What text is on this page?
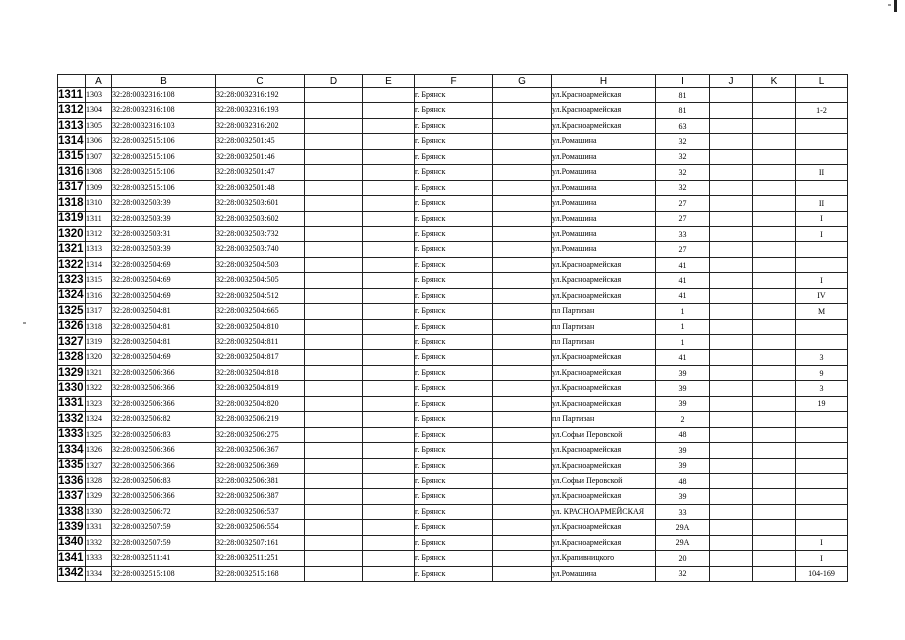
	A	B	C	D	E	F	G	H	I	J	K	L
1311	1303	32:28:0032316:108	32:28:0032316:192			г. Брянск		ул.Красноармейская	81			
1312	1304	32:28:0032316:108	32:28:0032316:193			г. Брянск		ул.Красноармейская	81			1-2
1313	1305	32:28:0032316:103	32:28:0032316:202			г. Брянск		ул.Красноармейская	63			
1314	1306	32:28:0032515:106	32:28:0032501:45			г. Брянск		ул.Ромашина	32			
1315	1307	32:28:0032515:106	32:28:0032501:46			г. Брянск		ул.Ромашина	32			
1316	1308	32:28:0032515:106	32:28:0032501:47			г. Брянск		ул.Ромашина	32			II
1317	1309	32:28:0032515:106	32:28:0032501:48			г. Брянск		ул.Ромашина	32			
1318	1310	32:28:0032503:39	32:28:0032503:601			г. Брянск		ул.Ромашина	27			II
1319	1311	32:28:0032503:39	32:28:0032503:602			г. Брянск		ул.Ромашина	27			I
1320	1312	32:28:0032503:31	32:28:0032503:732			г. Брянск		ул.Ромашина	33			I
1321	1313	32:28:0032503:39	32:28:0032503:740			г. Брянск		ул.Ромашина	27			
1322	1314	32:28:0032504:69	32:28:0032504:503			г. Брянск		ул.Красноармейская	41			
1323	1315	32:28:0032504:69	32:28:0032504:505			г. Брянск		ул.Красноармейская	41			I
1324	1316	32:28:0032504:69	32:28:0032504:512			г. Брянск		ул.Красноармейская	41			IV
1325	1317	32:28:0032504:81	32:28:0032504:665			г. Брянск		пл Партизан	1			М
1326	1318	32:28:0032504:81	32:28:0032504:810			г. Брянск		пл Партизан	1			
1327	1319	32:28:0032504:81	32:28:0032504:811			г. Брянск		пл Партизан	1			
1328	1320	32:28:0032504:69	32:28:0032504:817			г. Брянск		ул.Красноармейская	41			3
1329	1321	32:28:0032506:366	32:28:0032504:818			г. Брянск		ул.Красноармейская	39			9
1330	1322	32:28:0032506:366	32:28:0032504:819			г. Брянск		ул.Красноармейская	39			3
1331	1323	32:28:0032506:366	32:28:0032504:820			г. Брянск		ул.Красноармейская	39			19
1332	1324	32:28:0032506:82	32:28:0032506:219			г. Брянск		пл Партизан	2			
1333	1325	32:28:0032506:83	32:28:0032506:275			г. Брянск		ул.Софьи Перовской	48			
1334	1326	32:28:0032506:366	32:28:0032506:367			г. Брянск		ул.Красноармейская	39			
1335	1327	32:28:0032506:366	32:28:0032506:369			г. Брянск		ул.Красноармейская	39			
1336	1328	32:28:0032506:83	32:28:0032506:381			г. Брянск		ул.Софьи Перовской	48			
1337	1329	32:28:0032506:366	32:28:0032506:387			г. Брянск		ул.Красноармейская	39			
1338	1330	32:28:0032506:72	32:28:0032506:537			г. Брянск		ул. КРАСНОАРМЕЙСКАЯ	33			
1339	1331	32:28:0032507:59	32:28:0032506:554			г. Брянск		ул.Красноармейская	29А			
1340	1332	32:28:0032507:59	32:28:0032507:161			г. Брянск		ул.Красноармейская	29А			I
1341	1333	32:28:0032511:41	32:28:0032511:251			г. Брянск		ул.Крапивницкого	20			I
1342	1334	32:28:0032515:108	32:28:0032515:168			г. Брянск		ул.Ромашина	32			104-169
